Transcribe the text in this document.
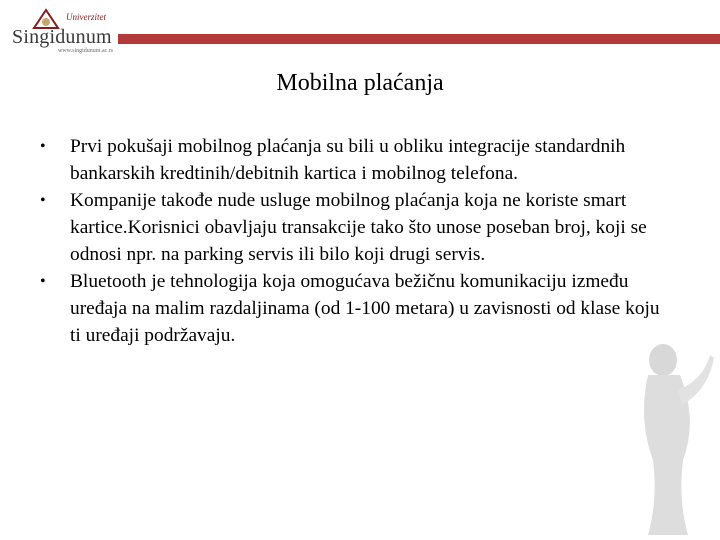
Univerzitet
Singidunum
www.singidunum.ac.rs
Mobilna plaćanja
•	Prvi pokušaji mobilnog plaćanja su bili u obliku integracije standardnih bankarskih kredtinih/debitnih kartica i mobilnog telefona.
•	Kompanije takođe nude usluge mobilnog plaćanja koja ne koriste smart kartice.Korisnici obavljaju transakcije tako što unose poseban broj, koji se odnosi npr. na parking servis ili bilo koji drugi servis.
•	Bluetooth je tehnologija koja omogućava bežičnu komunikaciju između uređaja na malim razdaljinama (od 1-100 metara) u zavisnosti od klase koju ti uređaji podržavaju.
